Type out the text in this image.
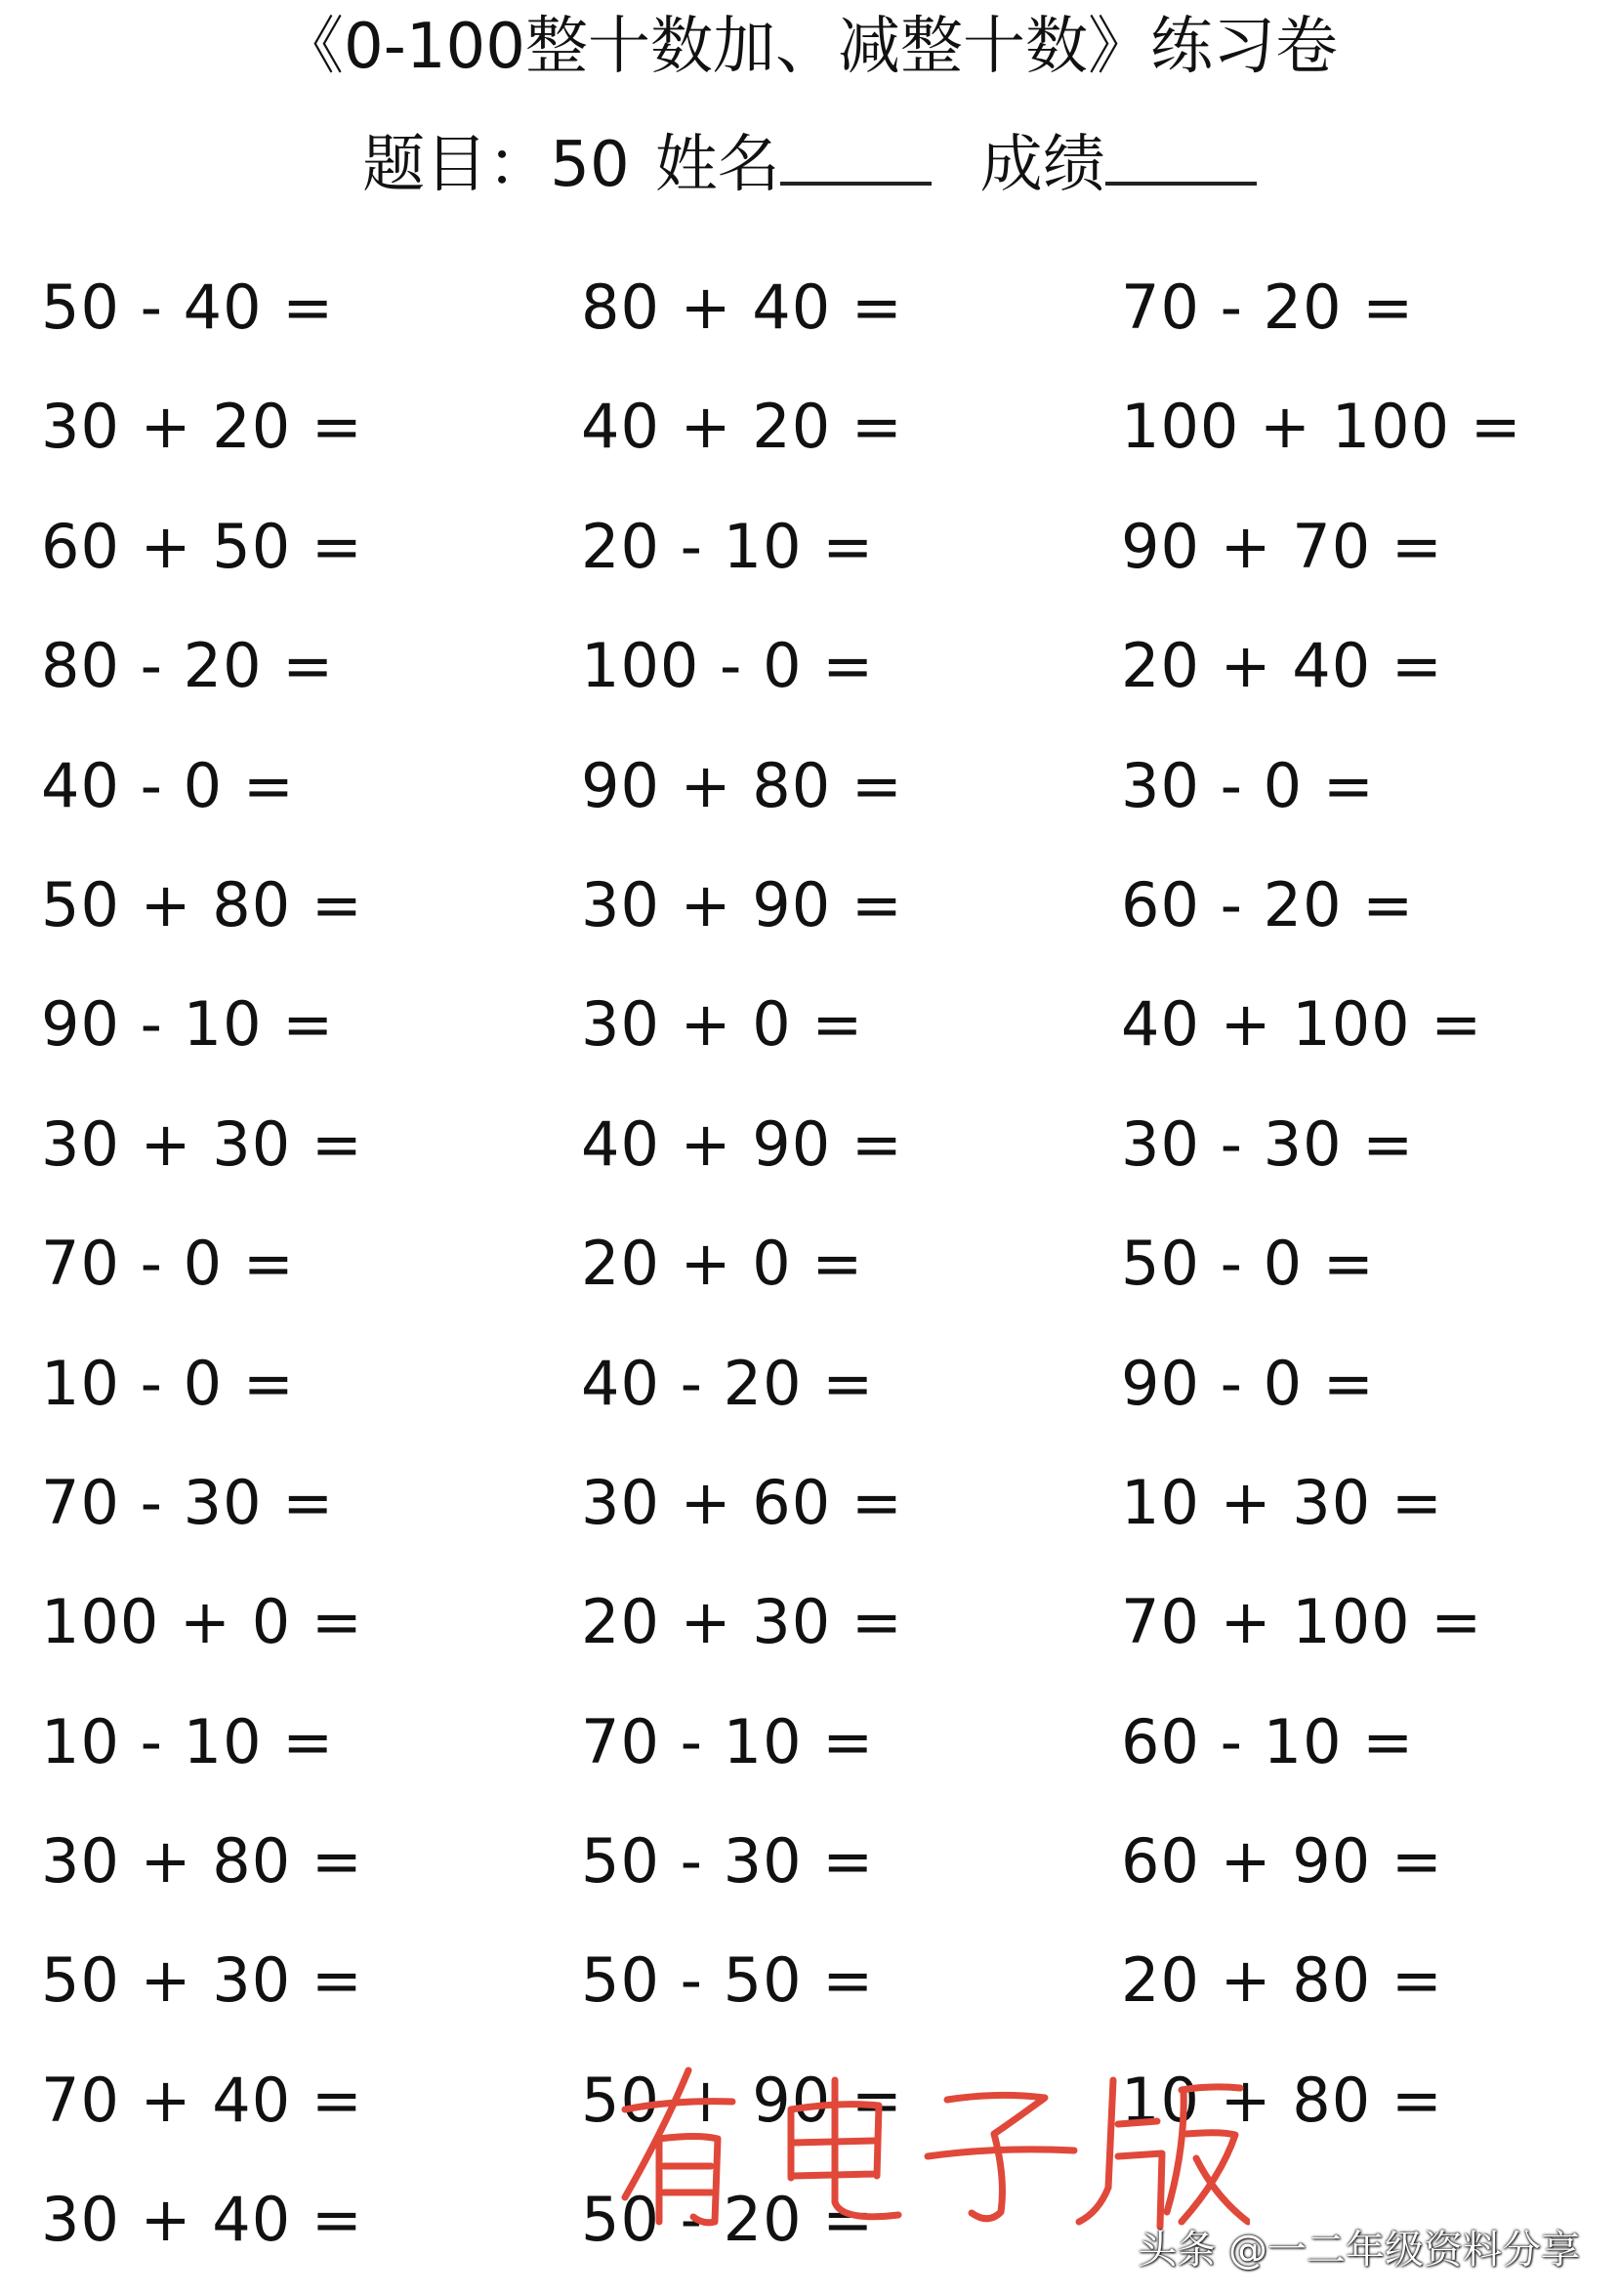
《0-100整十数加、减整十数》练习卷
题目：50 姓名	成绩
50 - 40 =	80 + 40 =	70 - 20 =
30 + 20 =	40 + 20 =	100 + 100 =
60 + 50 =	20 - 10 =	90 + 70 =
80 - 20 =	100 - 0 =	20 + 40 =
40 - 0 =	90 + 80 =	30 - 0 =
50 + 80 =	30 + 90 =	60 - 20 =
90 - 10 =	30 + 0 =	40 + 100 =
30 + 30 =	40 + 90 =	30 - 30 =
70 - 0 =	20 + 0 =	50 - 0 =
10 - 0 =	40 - 20 =	90 - 0 =
70 - 30 =	30 + 60 =	10 + 30 =
100 + 0 =	20 + 30 =	70 + 100 =
10 - 10 =	70 - 10 =	60 - 10 =
30 + 80 =	50 - 30 =	60 + 90 =
50 + 30 =	50 - 50 =	20 + 80 =
70 + 40 =	50 + 90 =	10 + 80 =
30 + 40 =	50 - 20 =	头条 @一二年级资料分享
